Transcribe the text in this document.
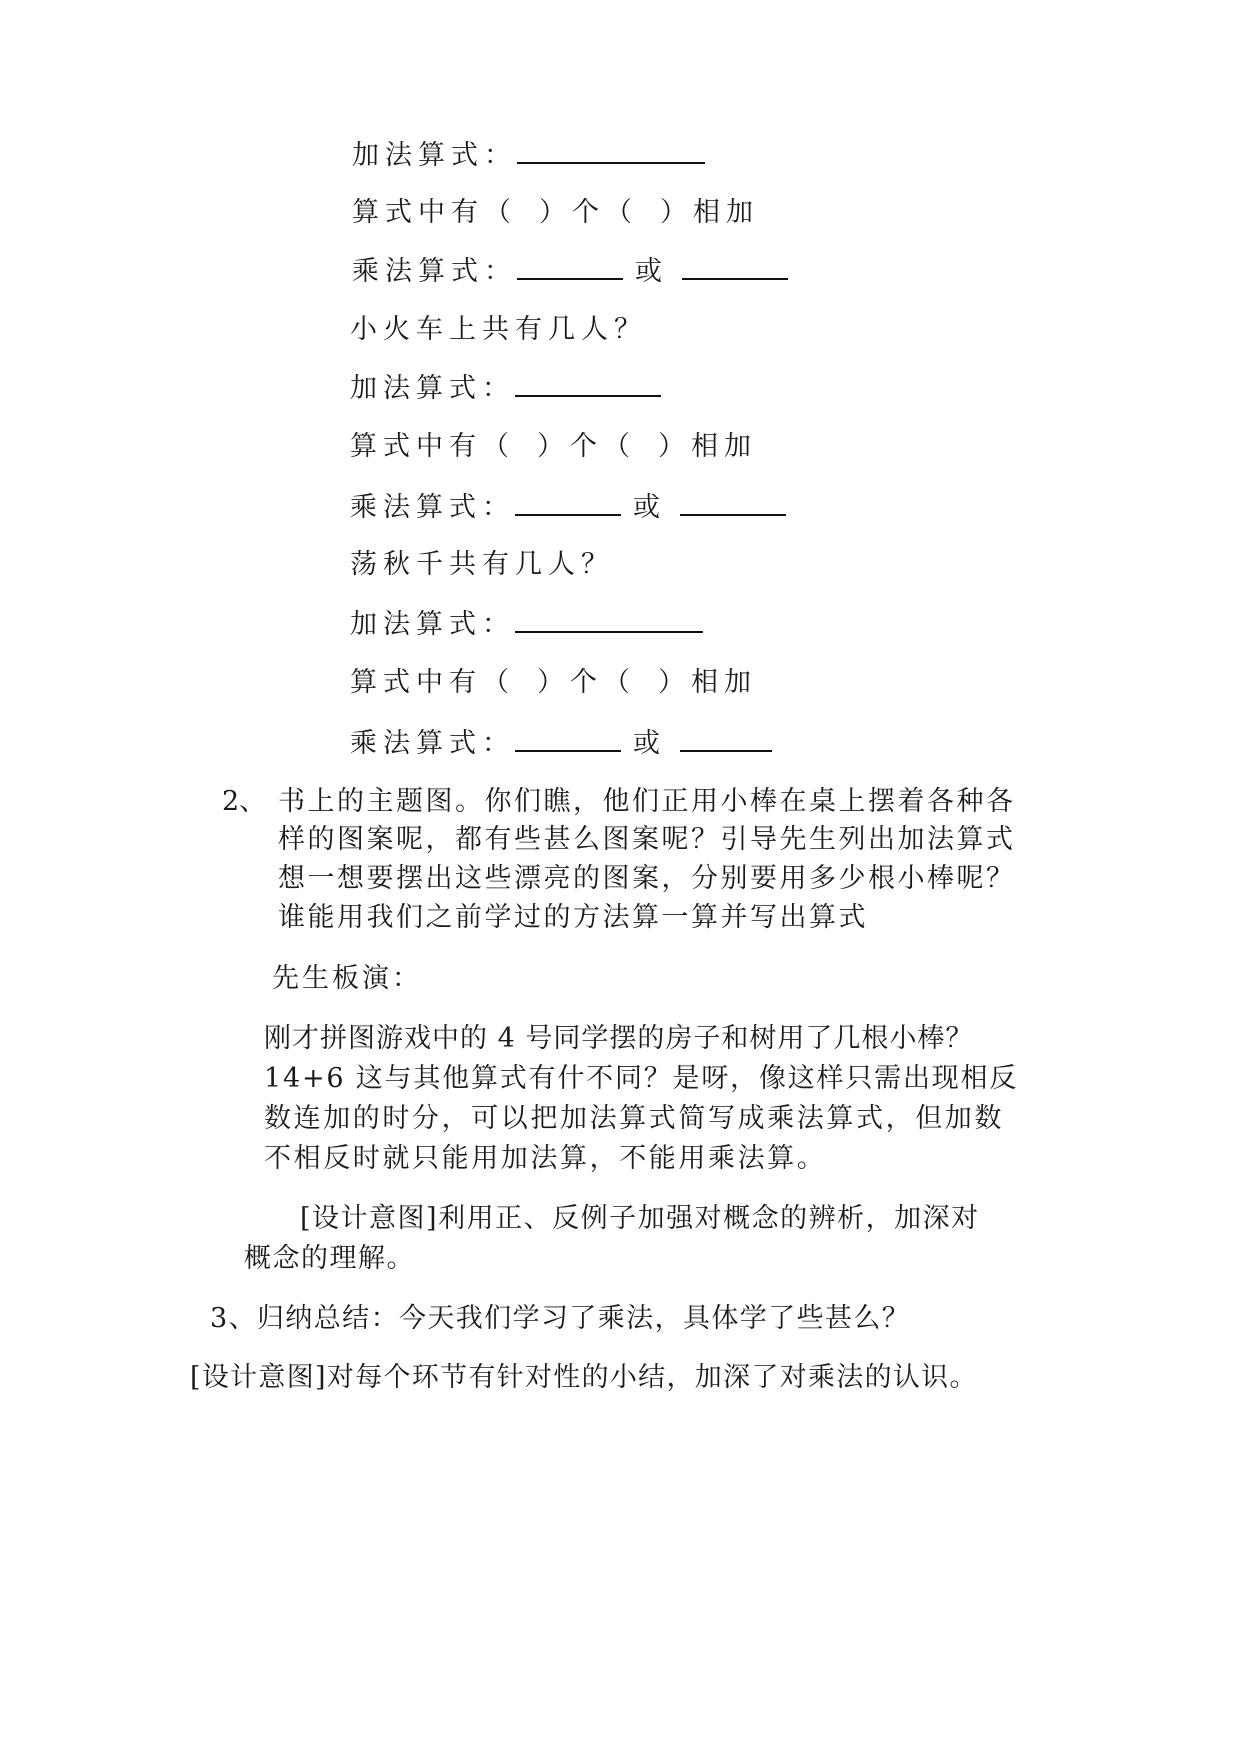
加法算式：
算式中有（ ）个（ ）相加
乘法算式：	或
小火车上共有几人？
加法算式：
算式中有（ ）个（ ）相加
乘法算式：	或
荡秋千共有几人？
加法算式：
算式中有（ ）个（ ）相加
乘法算式：	或
2、 书上的主题图。你们瞧，他们正用小棒在桌上摆着各种各
样的图案呢，都有些甚么图案呢？引导先生列出加法算式
想一想要摆出这些漂亮的图案，分别要用多少根小棒呢？
谁能用我们之前学过的方法算一算并写出算式
先生板演：
刚才拼图游戏中的 4 号同学摆的房子和树用了几根小棒？
14+6 这与其他算式有什不同？是呀，像这样只需出现相反
数连加的时分，可以把加法算式简写成乘法算式，但加数
不相反时就只能用加法算，不能用乘法算。
[设计意图]利用正、反例子加强对概念的辨析，加深对
概念的理解。
3、归纳总结：今天我们学习了乘法，具体学了些甚么？
[设计意图]对每个环节有针对性的小结，加深了对乘法的认识。
